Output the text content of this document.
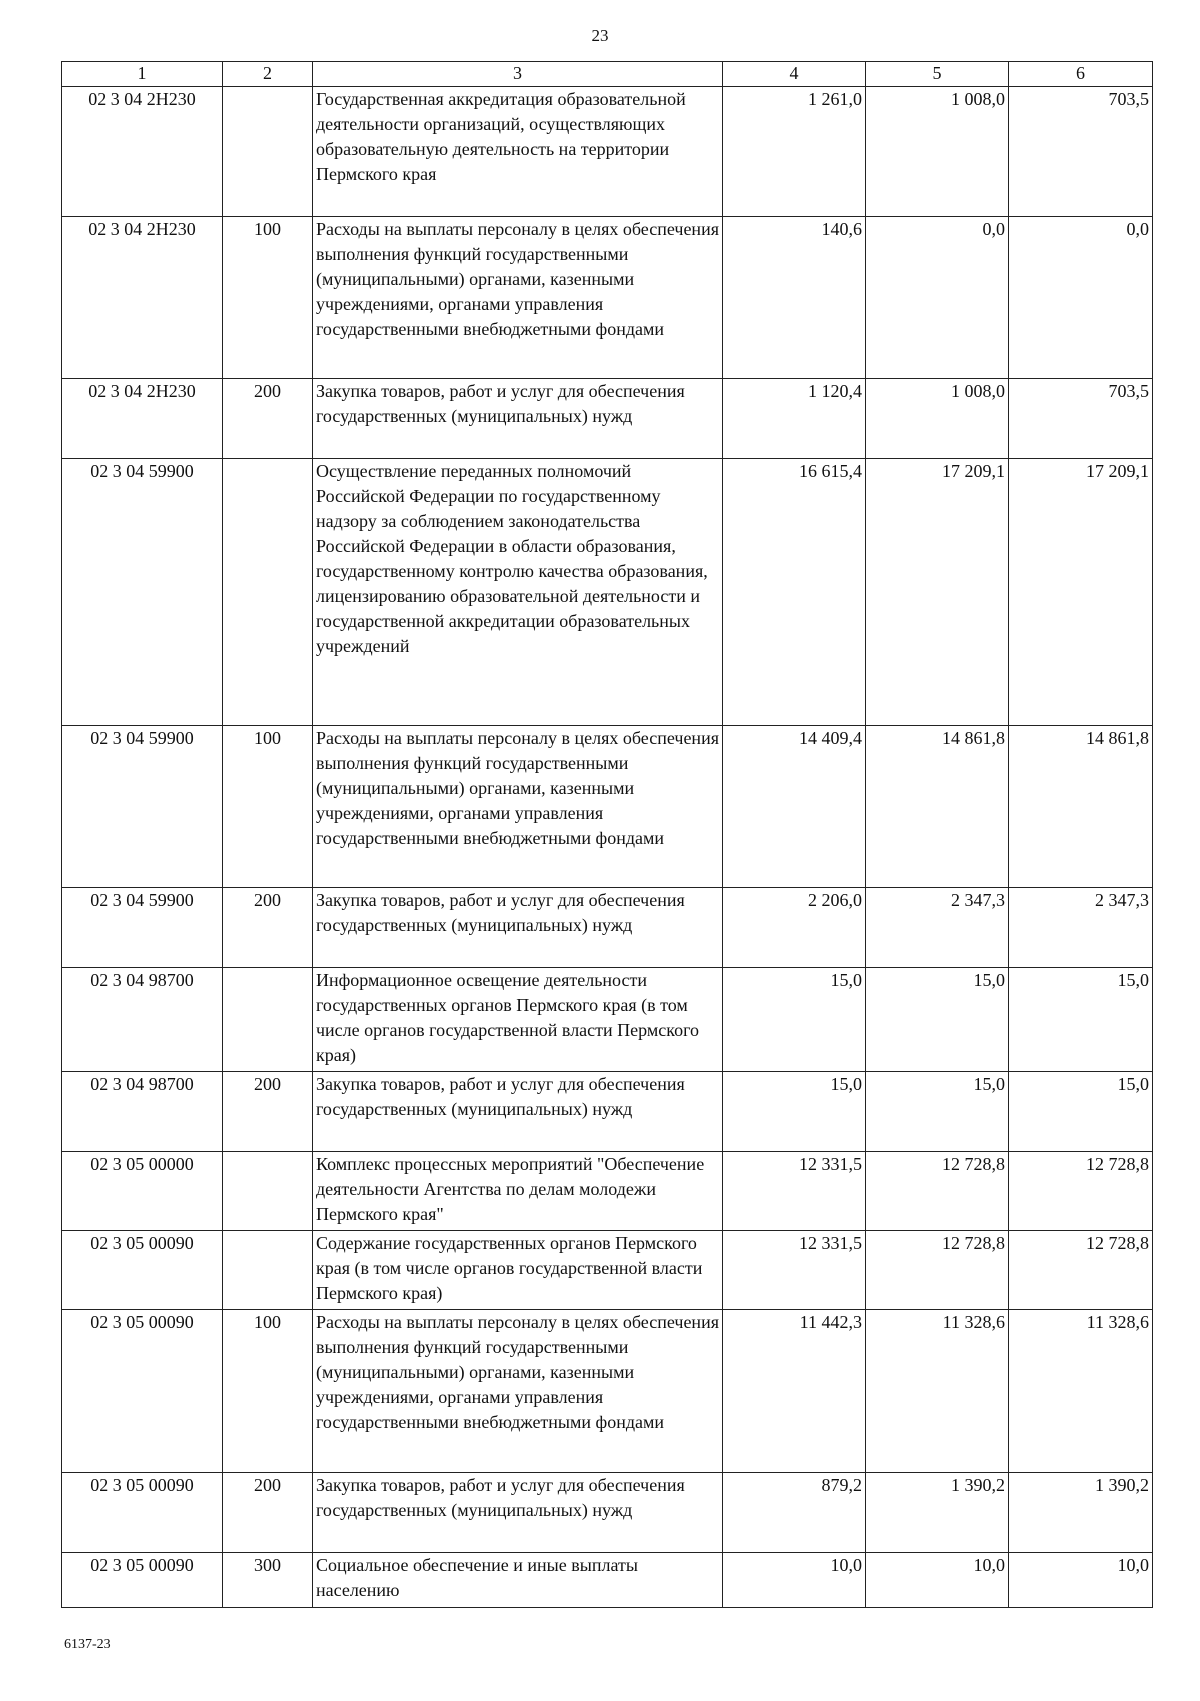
23
1	2	3	4	5	6
02 3 04 2Н230		Государственная аккредитация образовательной деятельности организаций, осуществляющих образовательную деятельность на территории Пермского края	1 261,0	1 008,0	703,5
02 3 04 2Н230	100	Расходы на выплаты персоналу в целях обеспечения выполнения функций государственными (муниципальными) органами, казенными учреждениями, органами управления государственными внебюджетными фондами	140,6	0,0	0,0
02 3 04 2Н230	200	Закупка товаров, работ и услуг для обеспечения государственных (муниципальных) нужд	1 120,4	1 008,0	703,5
02 3 04 59900		Осуществление переданных полномочий Российской Федерации по государственному надзору за соблюдением законодательства Российской Федерации в области образования, государственному контролю качества образования, лицензированию образовательной деятельности и государственной аккредитации образовательных учреждений	16 615,4	17 209,1	17 209,1
02 3 04 59900	100	Расходы на выплаты персоналу в целях обеспечения выполнения функций государственными (муниципальными) органами, казенными учреждениями, органами управления государственными внебюджетными фондами	14 409,4	14 861,8	14 861,8
02 3 04 59900	200	Закупка товаров, работ и услуг для обеспечения государственных (муниципальных) нужд	2 206,0	2 347,3	2 347,3
02 3 04 98700		Информационное освещение деятельности государственных органов Пермского края (в том числе органов государственной власти Пермского края)	15,0	15,0	15,0
02 3 04 98700	200	Закупка товаров, работ и услуг для обеспечения государственных (муниципальных) нужд	15,0	15,0	15,0
02 3 05 00000		Комплекс процессных мероприятий "Обеспечение деятельности Агентства по делам молодежи Пермского края"	12 331,5	12 728,8	12 728,8
02 3 05 00090		Содержание государственных органов Пермского края (в том числе органов государственной власти Пермского края)	12 331,5	12 728,8	12 728,8
02 3 05 00090	100	Расходы на выплаты персоналу в целях обеспечения выполнения функций государственными (муниципальными) органами, казенными учреждениями, органами управления государственными внебюджетными фондами	11 442,3	11 328,6	11 328,6
02 3 05 00090	200	Закупка товаров, работ и услуг для обеспечения государственных (муниципальных) нужд	879,2	1 390,2	1 390,2
02 3 05 00090	300	Социальное обеспечение и иные выплаты населению	10,0	10,0	10,0
6137-23
